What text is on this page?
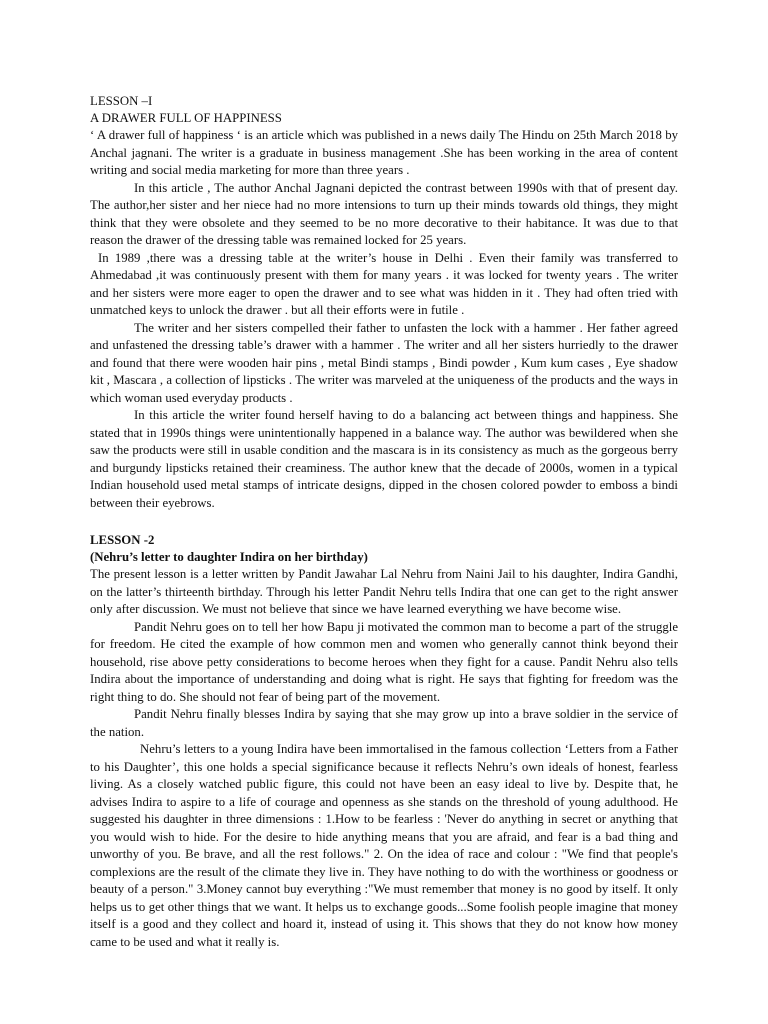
LESSON –I

A DRAWER FULL OF HAPPINESS

‘ A drawer full of happiness ‘ is an article which was published in a news daily The Hindu on 25th March 2018 by Anchal jagnani. The writer is a graduate in business management .She has been working in the area of content writing and social media marketing for more than three years .

In this article , The author Anchal Jagnani depicted the contrast between 1990s with that of present day. The author,her sister and her niece had no more intensions to turn up their minds towards old things, they might think that they were obsolete and they seemed to be no more decorative to their habitance. It was due to that reason the drawer of the dressing table was remained locked for 25 years.

In 1989 ,there was a dressing table at the writer’s house in Delhi . Even their family was transferred to Ahmedabad ,it was continuously present with them for many years . it was locked for twenty years . The writer and her sisters were more eager to open the drawer and to see what was hidden in it . They had often tried with unmatched keys to unlock the drawer . but all their efforts were in futile .

The writer and her sisters compelled their father to unfasten the lock with a hammer . Her father agreed and unfastened the dressing table’s drawer with a hammer . The writer and all her sisters hurriedly to the drawer and found that there were wooden hair pins , metal Bindi stamps , Bindi powder , Kum kum cases , Eye shadow kit , Mascara , a collection of lipsticks . The writer was marveled at the uniqueness of the products and the ways in which woman used everyday products .

In this article the writer found herself having to do a balancing act between things and happiness. She stated that in 1990s things were unintentionally happened in a balance way. The author was bewildered when she saw the products were still in usable condition and the mascara is in its consistency as much as the gorgeous berry and burgundy lipsticks retained their creaminess. The author knew that the decade of 2000s, women in a typical Indian household used metal stamps of intricate designs, dipped in the chosen colored powder to emboss a bindi between their eyebrows.

LESSON -2

(Nehru’s letter to daughter Indira on her birthday)

The present lesson is a letter written by Pandit Jawahar Lal Nehru from Naini Jail to his daughter, Indira Gandhi, on the latter’s thirteenth birthday. Through his letter Pandit Nehru tells Indira that one can get to the right answer only after discussion. We must not believe that since we have learned everything we have become wise.

Pandit Nehru goes on to tell her how Bapu ji motivated the common man to become a part of the struggle for freedom. He cited the example of how common men and women who generally cannot think beyond their household, rise above petty considerations to become heroes when they fight for a cause. Pandit Nehru also tells Indira about the importance of understanding and doing what is right. He says that fighting for freedom was the right thing to do. She should not fear of being part of the movement.

Pandit Nehru finally blesses Indira by saying that she may grow up into a brave soldier in the service of the nation.

Nehru’s letters to a young Indira have been immortalised in the famous collection ‘Letters from a Father to his Daughter’, this one holds a special significance because it reflects Nehru’s own ideals of honest, fearless living. As a closely watched public figure, this could not have been an easy ideal to live by. Despite that, he advises Indira to aspire to a life of courage and openness as she stands on the threshold of young adulthood. He suggested his daughter in three dimensions : 1.How to be fearless : 'Never do anything in secret or anything that you would wish to hide. For the desire to hide anything means that you are afraid, and fear is a bad thing and unworthy of you. Be brave, and all the rest follows." 2. On the idea of race and colour : "We find that people's complexions are the result of the climate they live in. They have nothing to do with the worthiness or goodness or beauty of a person." 3.Money cannot buy everything :"We must remember that money is no good by itself. It only helps us to get other things that we want. It helps us to exchange goods...Some foolish people imagine that money itself is a good and they collect and hoard it, instead of using it. This shows that they do not know how money came to be used and what it really is.
